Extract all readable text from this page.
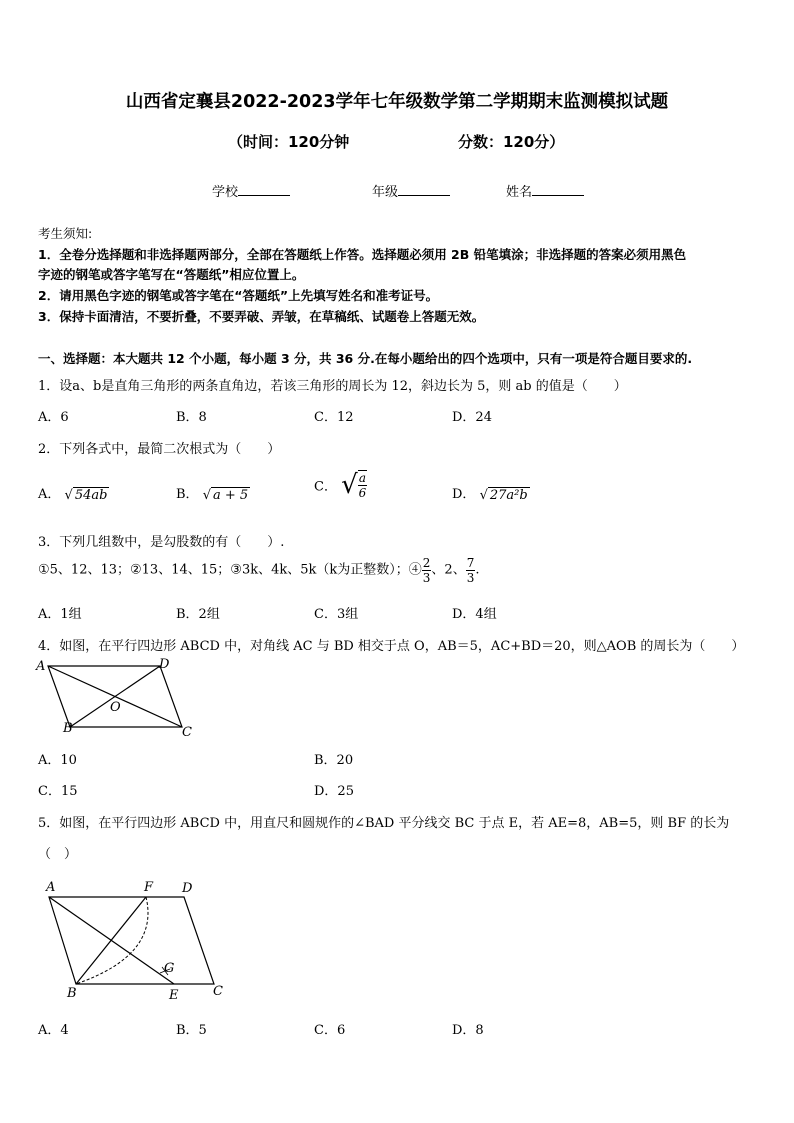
山西省定襄县2022-2023学年七年级数学第二学期期末监测模拟试题
（时间：120分钟	分数：120分）
学校	年级	姓名
考生须知:
1．全卷分选择题和非选择题两部分，全部在答题纸上作答。选择题必须用 2B 铅笔填涂；非选择题的答案必须用黑色
字迹的钢笔或答字笔写在“答题纸”相应位置上。
2．请用黑色字迹的钢笔或答字笔在“答题纸”上先填写姓名和准考证号。
3．保持卡面清洁，不要折叠，不要弄破、弄皱，在草稿纸、试题卷上答题无效。
一、选择题：本大题共 12 个小题，每小题 3 分，共 36 分.在每小题给出的四个选项中，只有一项是符合题目要求的.
1．设a、b是直角三角形的两条直角边，若该三角形的周长为 12，斜边长为 5，则 ab 的值是（　　）
A．6	B．8	C．12	D．24
2．下列各式中，最简二次根式为（　　）
A． √ 54ab	B． √ a + 5
C． √ $\frac{a}{6}$	D． √ 27a²b
3．下列几组数中，是勾股数的有（　　）.
①5、12、13；②13、14、15；③3k、4k、5k（k为正整数）；④ $\frac{2}{3}$ 、2、 $\frac{7}{3}$ .
A．1组	B．2组	C．3组	D．4组
4．如图，在平行四边形 ABCD 中，对角线 AC 与 BD 相交于点 O，AB＝5，AC+BD＝20，则△AOB 的周长为（　　）
A	D
O
B	C
A．10	B．20
C．15	D．25
5．如图，在平行四边形 ABCD 中，用直尺和圆规作的∠BAD 平分线交 BC 于点 E，若 AE=8，AB=5，则 BF 的长为
（　）
A	F D
G
B	E	C
A．4	B．5	C．6	D．8
